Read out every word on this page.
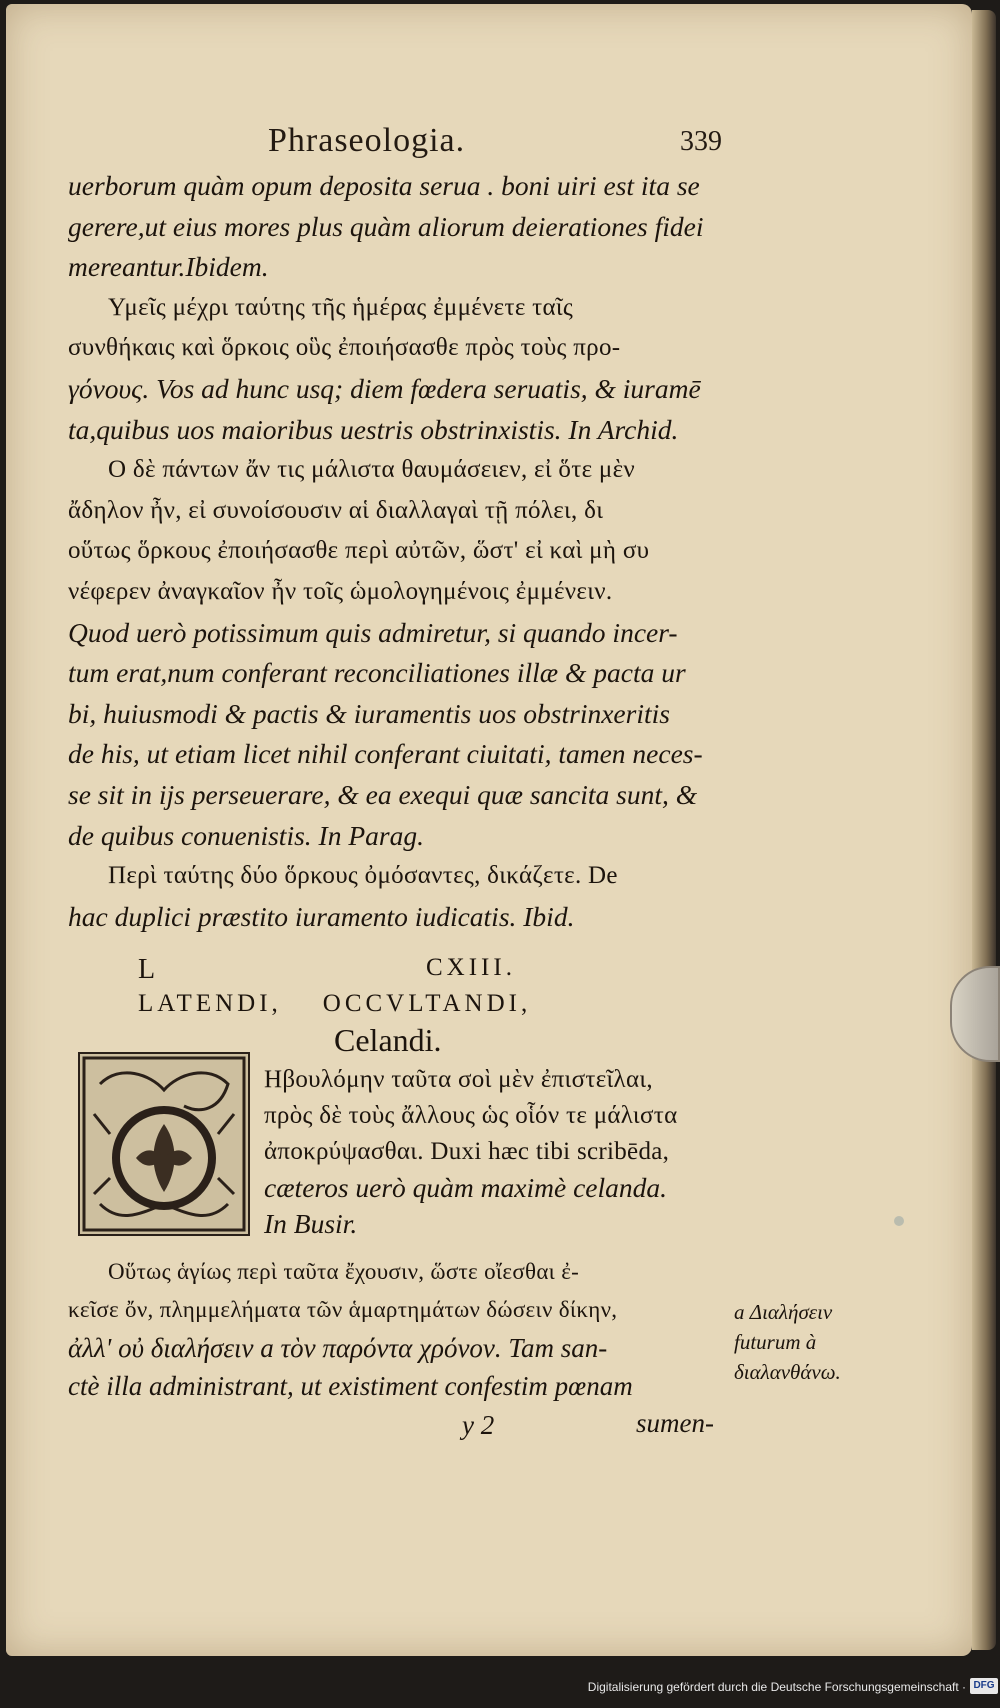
Phraseologia.	339
uerborum quàm opum deposita serua . boni uiri est ita se
gerere,ut eius mores plus quàm aliorum deierationes fidei
mereantur.Ibidem.
Υμεῖς μέχρι ταύτης τῆς ἡμέρας ἐμμένετε ταῖς
συνθήκαις καὶ ὅρκοις οὓς ἐποιήσασθε πρὸς τοὺς προ-
γόνους. Vos ad hunc usq; diem fœdera seruatis, & iuramē
ta,quibus uos maioribus uestris obstrinxistis. In Archid.
Ο δὲ πάντων ἄν τις μάλιστα θαυμάσειεν, εἰ ὅτε μὲν
ἄδηλον ἦν, εἰ συνοίσουσιν αἱ διαλλαγαὶ τῇ πόλει, δι
οὕτως ὅρκους ἐποιήσασθε περὶ αὐτῶν, ὥστ' εἰ καὶ μὴ συ
νέφερεν ἀναγκαῖον ἦν τοῖς ὡμολογημένοις ἐμμένειν.
Quod uerò potissimum quis admiretur, si quando incer-
tum erat,num conferant reconciliationes illæ & pacta ur
bi, huiusmodi & pactis & iuramentis uos obstrinxeritis
de his, ut etiam licet nihil conferant ciuitati, tamen neces-
se sit in ijs perseuerare, & ea exequi quæ sancita sunt, &
de quibus conuenistis. In Parag.
Περὶ ταύτης δύο ὅρκους ὀμόσαντες, δικάζετε. De
hac duplici præstito iuramento iudicatis. Ibid.
L	CXIII.
LATENDI,    OCCVLTANDI,
Celandi.
Ηβουλόμην ταῦτα σοὶ μὲν ἐπιστεῖλαι,
πρὸς δὲ τοὺς ἄλλους ὡς οἷόν τε μάλιστα
ἀποκρύψασθαι. Duxi hæc tibi scribēda,
cæteros uerò quàm maximè celanda.
In Busir.
Οὕτως ἁγίως περὶ ταῦτα ἔχουσιν, ὥστε οἴεσθαι ἐ-
κεῖσε ὄν, πλημμελήματα τῶν ἁμαρτημάτων δώσειν δίκην,
ἀλλ' οὐ διαλήσειν a τὸν παρόντα χρόνον. Tam san-
ctè illa administrant, ut existiment confestim pœnam
a Διαλήσειν
futurum à
διαλανθάνω.
y 2	sumen-
Digitalisierung gefördert durch die Deutsche Forschungsgemeinschaft · DFG
